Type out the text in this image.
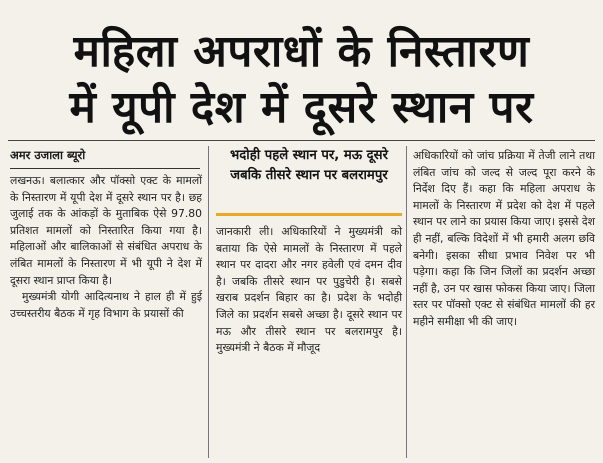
महिला अपराधों के निस्तारण
में यूपी देश में दूसरे स्थान पर
अमर उजाला ब्यूरो

लखनऊ। बलात्कार और पॉक्सो एक्ट के मामलों के निस्तारण में यूपी देश में दूसरे स्थान पर है। छह जुलाई तक के आंकड़ों के मुताबिक ऐसे 97.80 प्रतिशत मामलों को निस्तारित किया गया है। महिलाओं और बालिकाओं से संबंधित अपराध के लंबित मामलों के निस्तारण में भी यूपी ने देश में दूसरा स्थान प्राप्त किया है।

मुख्यमंत्री योगी आदित्यनाथ ने हाल ही में हुई उच्चस्तरीय बैठक में गृह विभाग के प्रयासों की

भदोही पहले स्थान पर, मऊ दूसरे जबकि तीसरे स्थान पर बलरामपुर

जानकारी ली। अधिकारियों ने मुख्यमंत्री को बताया कि ऐसे मामलों के निस्तारण में पहले स्थान पर दादरा और नगर हवेली एवं दमन दीव है। जबकि तीसरे स्थान पर पुडुचेरी है। सबसे खराब प्रदर्शन बिहार का है। प्रदेश के भदोही जिले का प्रदर्शन सबसे अच्छा है। दूसरे स्थान पर मऊ और तीसरे स्थान पर बलरामपुर है। मुख्यमंत्री ने बैठक में मौजूद

अधिकारियों को जांच प्रक्रिया में तेजी लाने तथा लंबित जांच को जल्द से जल्द पूरा करने के निर्देश दिए हैं। कहा कि महिला अपराध के मामलों के निस्तारण में प्रदेश को देश में पहले स्थान पर लाने का प्रयास किया जाए। इससे देश ही नहीं, बल्कि विदेशों में भी हमारी अलग छवि बनेगी। इसका सीधा प्रभाव निवेश पर भी पड़ेगा। कहा कि जिन जिलों का प्रदर्शन अच्छा नहीं है, उन पर खास फोकस किया जाए। जिला स्तर पर पॉक्सो एक्ट से संबंधित मामलों की हर महीने समीक्षा भी की जाए।
